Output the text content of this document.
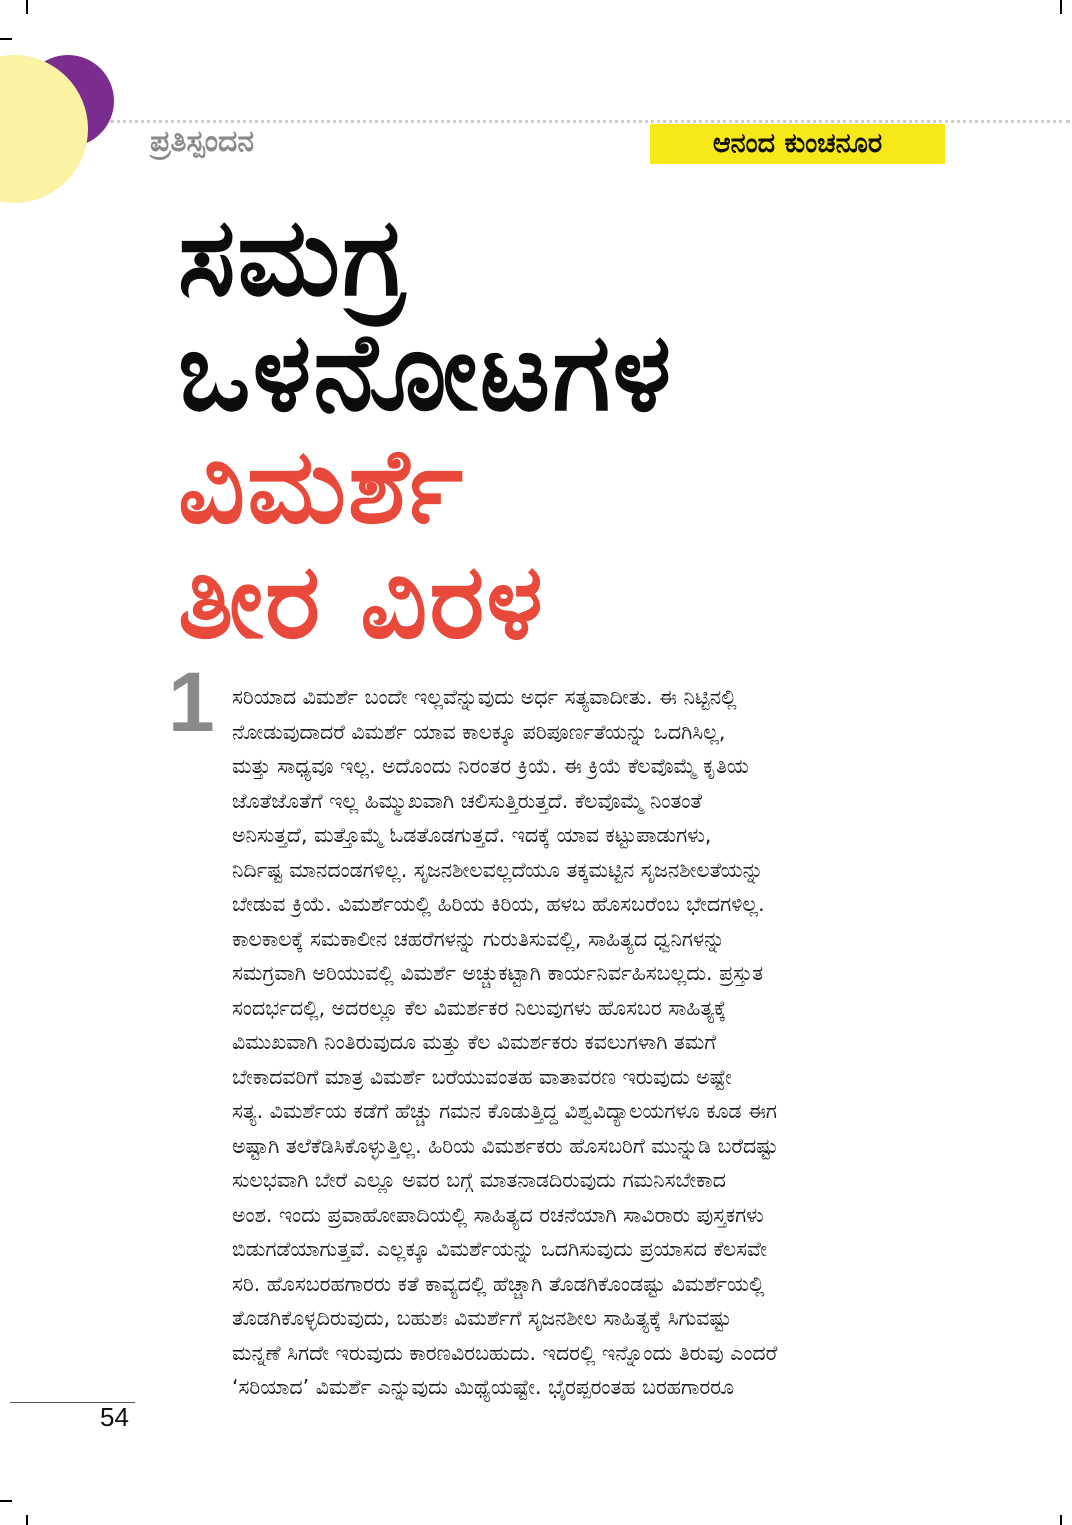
ಪ್ರತಿಸ್ಪಂದನ	ಆನಂದ ಕುಂಚನೂರ
ಸಮಗ್ರ
ಒಳನೋಟಗಳ
ವಿಮರ್ಶೆ
ತೀರ ವಿರಳ
1 ಸರಿಯಾದ ವಿಮರ್ಶೆ ಬಂದೇ ಇಲ್ಲವೆನ್ನುವುದು ಅರ್ಧ ಸತ್ಯವಾದೀತು. ಈ ನಿಟ್ಟಿನಲ್ಲಿ
ನೋಡುವುದಾದರೆ ವಿಮರ್ಶೆ ಯಾವ ಕಾಲಕ್ಕೂ ಪರಿಪೂರ್ಣತೆಯನ್ನು ಒದಗಿಸಿಲ್ಲ,
ಮತ್ತು ಸಾಧ್ಯವೂ ಇಲ್ಲ. ಅದೊಂದು ನಿರಂತರ ಕ್ರಿಯೆ. ಈ ಕ್ರಿಯೆ ಕೆಲವೊಮ್ಮೆ ಕೃತಿಯ
ಜೊತೆಜೊತೆಗೆ ಇಲ್ಲ ಹಿಮ್ಮುಖವಾಗಿ ಚಲಿಸುತ್ತಿರುತ್ತದೆ. ಕೆಲವೊಮ್ಮೆ ನಿಂತಂತೆ
ಅನಿಸುತ್ತದೆ, ಮತ್ತೊಮ್ಮೆ ಓಡತೊಡಗುತ್ತದೆ. ಇದಕ್ಕೆ ಯಾವ ಕಟ್ಟುಪಾಡುಗಳು,
ನಿರ್ದಿಷ್ಟ ಮಾನದಂಡಗಳಿಲ್ಲ. ಸೃಜನಶೀಲವಲ್ಲದೆಯೂ ತಕ್ಕಮಟ್ಟಿನ ಸೃಜನಶೀಲತೆಯನ್ನು
ಬೇಡುವ ಕ್ರಿಯೆ. ವಿಮರ್ಶೆಯಲ್ಲಿ ಹಿರಿಯ ಕಿರಿಯ, ಹಳಬ ಹೊಸಬರೆಂಬ ಭೇದಗಳಿಲ್ಲ.
ಕಾಲಕಾಲಕ್ಕೆ ಸಮಕಾಲೀನ ಚಹರೆಗಳನ್ನು ಗುರುತಿಸುವಲ್ಲಿ, ಸಾಹಿತ್ಯದ ಧ್ವನಿಗಳನ್ನು
ಸಮಗ್ರವಾಗಿ ಅರಿಯುವಲ್ಲಿ ವಿಮರ್ಶೆ ಅಚ್ಚುಕಟ್ಟಾಗಿ ಕಾರ್ಯನಿರ್ವಹಿಸಬಲ್ಲದು. ಪ್ರಸ್ತುತ
ಸಂದರ್ಭದಲ್ಲಿ, ಅದರಲ್ಲೂ ಕೆಲ ವಿಮರ್ಶಕರ ನಿಲುವುಗಳು ಹೊಸಬರ ಸಾಹಿತ್ಯಕ್ಕೆ
ವಿಮುಖವಾಗಿ ನಿಂತಿರುವುದೂ ಮತ್ತು ಕೆಲ ವಿಮರ್ಶಕರು ಕವಲುಗಳಾಗಿ ತಮಗೆ
ಬೇಕಾದವರಿಗೆ ಮಾತ್ರ ವಿಮರ್ಶೆ ಬರೆಯುವಂತಹ ವಾತಾವರಣ ಇರುವುದು ಅಷ್ಟೇ
ಸತ್ಯ. ವಿಮರ್ಶೆಯ ಕಡೆಗೆ ಹೆಚ್ಚು ಗಮನ ಕೊಡುತ್ತಿದ್ದ ವಿಶ್ವವಿದ್ಯಾಲಯಗಳೂ ಕೂಡ ಈಗ
ಅಷ್ಟಾಗಿ ತಲೆಕೆಡಿಸಿಕೊಳ್ಳುತ್ತಿಲ್ಲ. ಹಿರಿಯ ವಿಮರ್ಶಕರು ಹೊಸಬರಿಗೆ ಮುನ್ನುಡಿ ಬರೆದಷ್ಟು
ಸುಲಭವಾಗಿ ಬೇರೆ ಎಲ್ಲೂ ಅವರ ಬಗ್ಗೆ ಮಾತನಾಡದಿರುವುದು ಗಮನಿಸಬೇಕಾದ
ಅಂಶ. ಇಂದು ಪ್ರವಾಹೋಪಾದಿಯಲ್ಲಿ ಸಾಹಿತ್ಯದ ರಚನೆಯಾಗಿ ಸಾವಿರಾರು ಪುಸ್ತಕಗಳು
ಬಿಡುಗಡೆಯಾಗುತ್ತವೆ. ಎಲ್ಲಕ್ಕೂ ವಿಮರ್ಶೆಯನ್ನು ಒದಗಿಸುವುದು ಪ್ರಯಾಸದ ಕೆಲಸವೇ
ಸರಿ. ಹೊಸಬರಹಗಾರರು ಕತೆ ಕಾವ್ಯದಲ್ಲಿ ಹೆಚ್ಚಾಗಿ ತೊಡಗಿಕೊಂಡಷ್ಟು ವಿಮರ್ಶೆಯಲ್ಲಿ
ತೊಡಗಿಕೊಳ್ಳದಿರುವುದು, ಬಹುಶಃ ವಿಮರ್ಶೆಗೆ ಸೃಜನಶೀಲ ಸಾಹಿತ್ಯಕ್ಕೆ ಸಿಗುವಷ್ಟು
ಮನ್ನಣೆ ಸಿಗದೇ ಇರುವುದು ಕಾರಣವಿರಬಹುದು. ಇದರಲ್ಲಿ ಇನ್ನೊಂದು ತಿರುವು ಎಂದರೆ
‘ಸರಿಯಾದ’ ವಿಮರ್ಶೆ ಎನ್ನುವುದು ಮಿಥ್ಯೆಯಷ್ಟೇ. ಭೈರಪ್ಪರಂತಹ ಬರಹಗಾರರೂ
54
